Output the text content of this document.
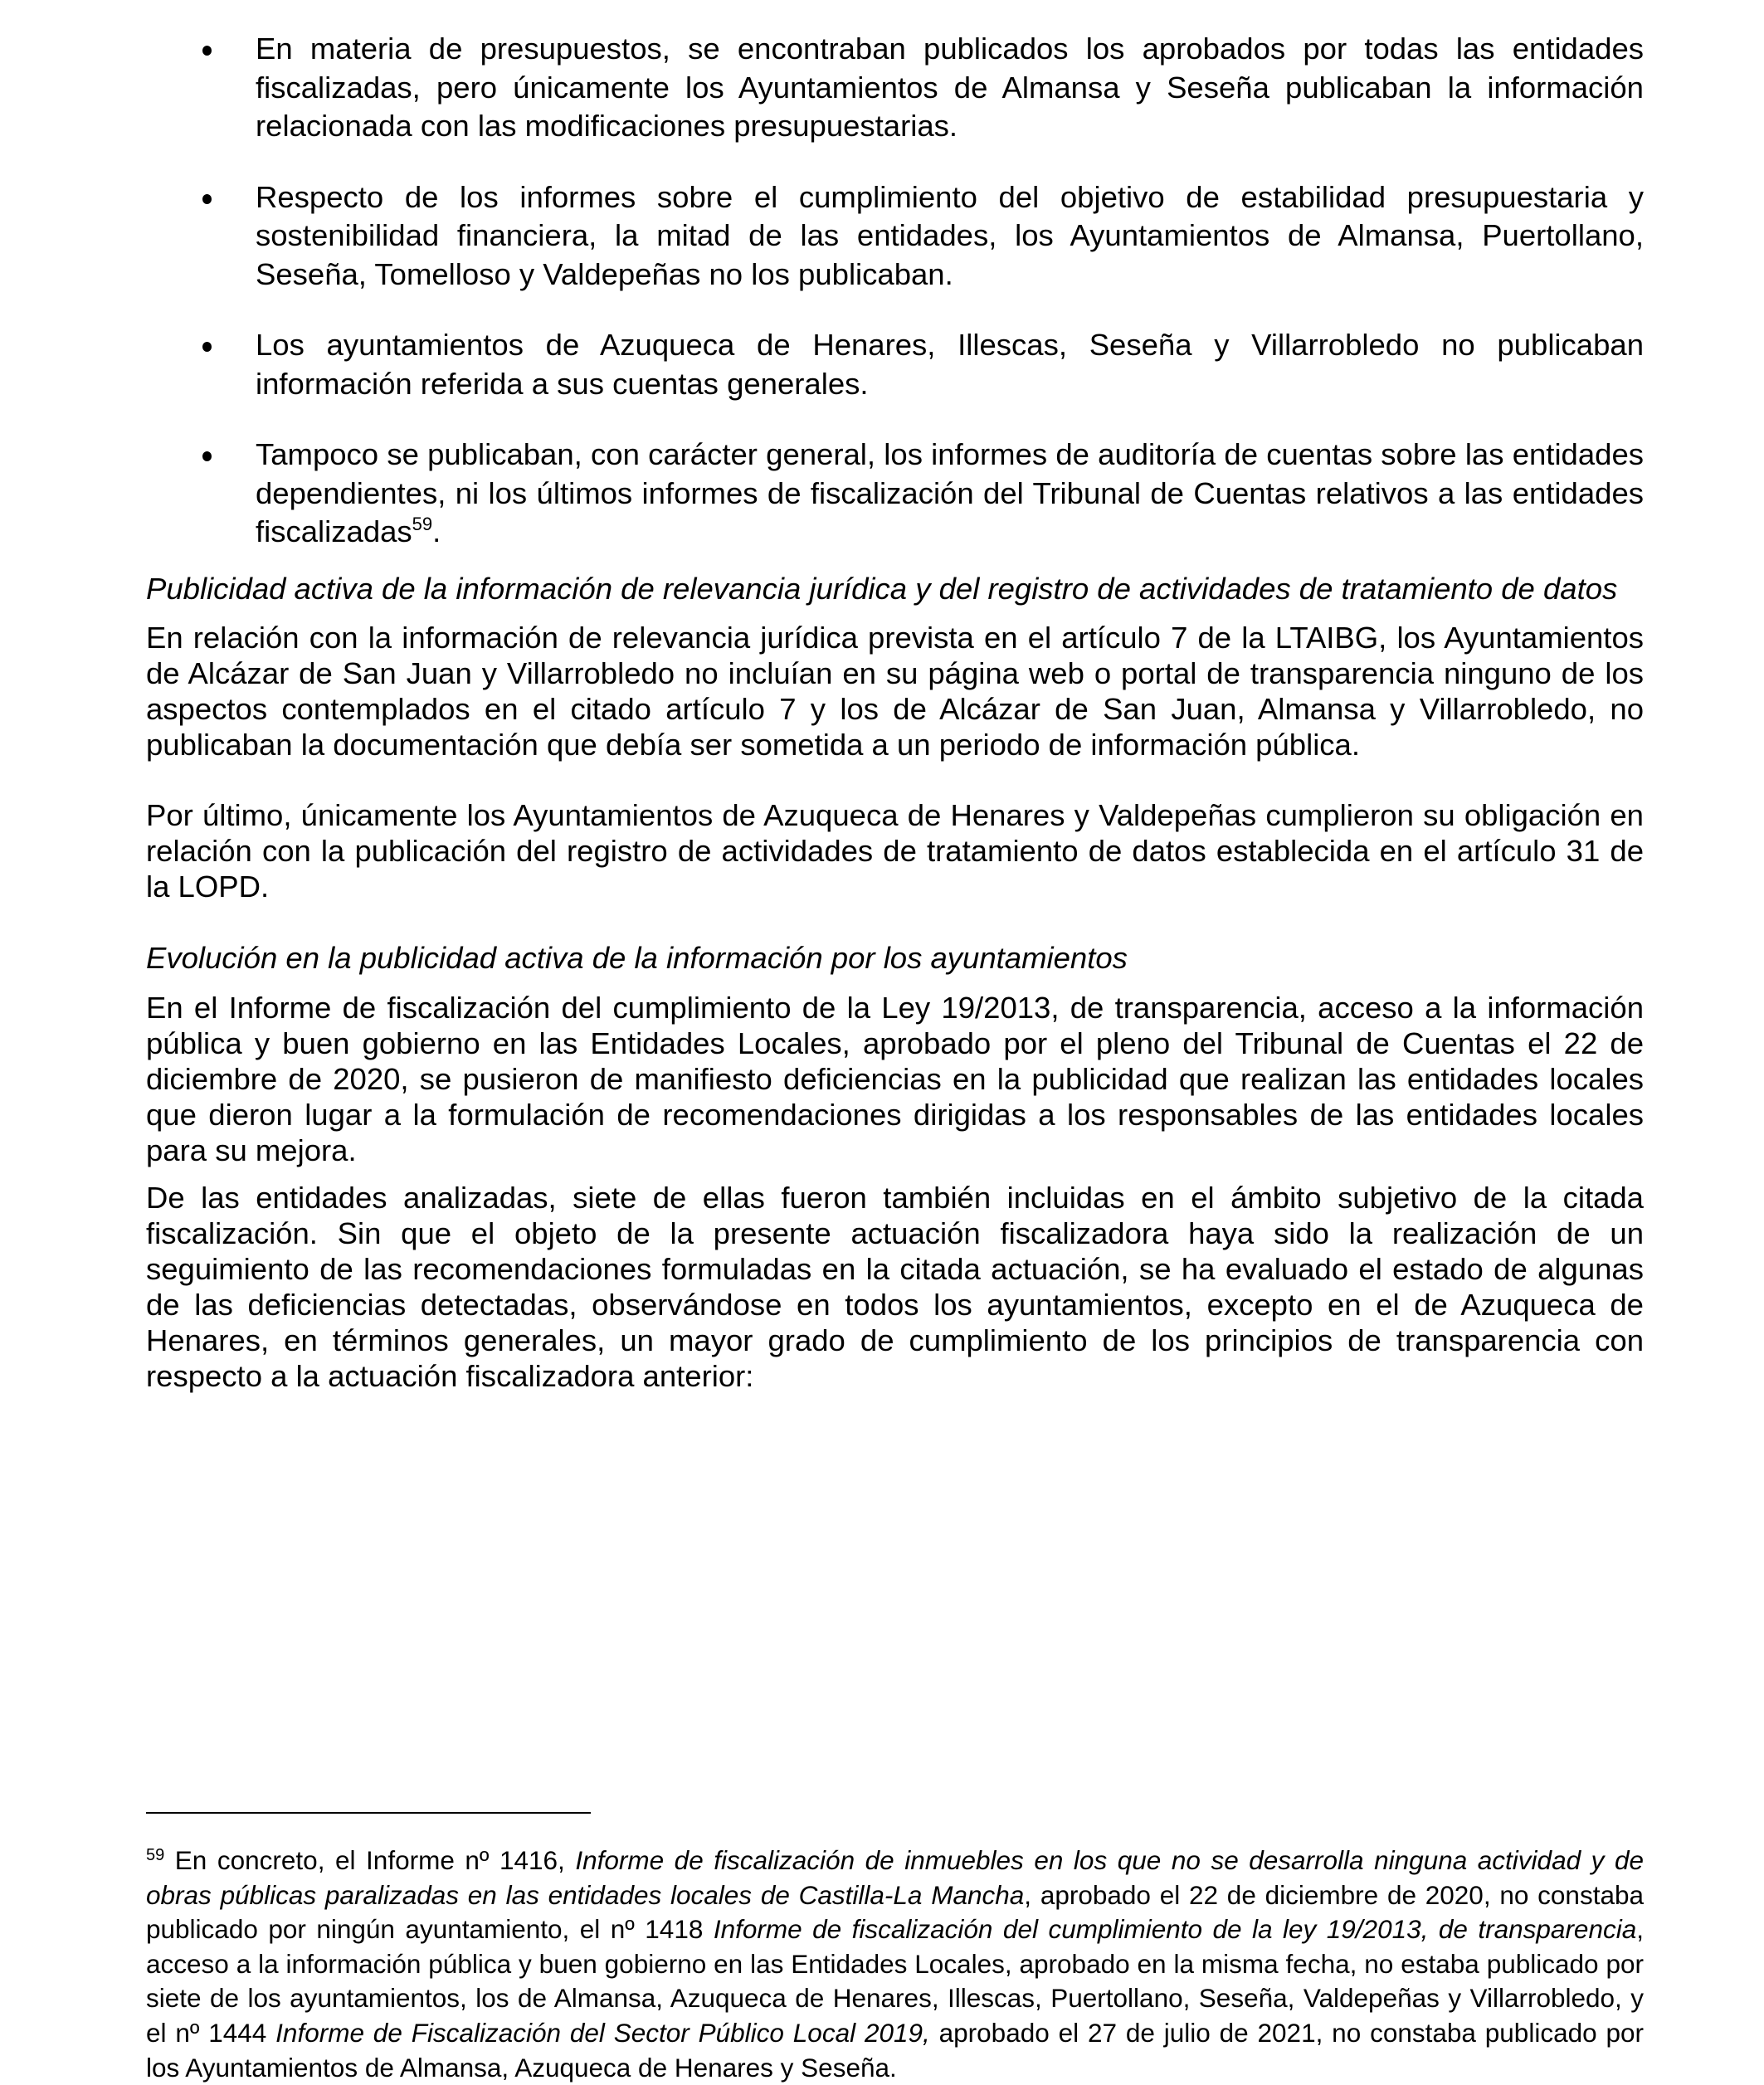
En materia de presupuestos, se encontraban publicados los aprobados por todas las entidades fiscalizadas, pero únicamente los Ayuntamientos de Almansa y Seseña publicaban la información relacionada con las modificaciones presupuestarias.
Respecto de los informes sobre el cumplimiento del objetivo de estabilidad presupuestaria y sostenibilidad financiera, la mitad de las entidades, los Ayuntamientos de Almansa, Puertollano, Seseña, Tomelloso y Valdepeñas no los publicaban.
Los ayuntamientos de Azuqueca de Henares, Illescas, Seseña y Villarrobledo no publicaban información referida a sus cuentas generales.
Tampoco se publicaban, con carácter general, los informes de auditoría de cuentas sobre las entidades dependientes, ni los últimos informes de fiscalización del Tribunal de Cuentas relativos a las entidades fiscalizadas$^{59}$.

Publicidad activa de la información de relevancia jurídica y del registro de actividades de tratamiento de datos

En relación con la información de relevancia jurídica prevista en el artículo 7 de la LTAIBG, los Ayuntamientos de Alcázar de San Juan y Villarrobledo no incluían en su página web o portal de transparencia ninguno de los aspectos contemplados en el citado artículo 7 y los de Alcázar de San Juan, Almansa y Villarrobledo, no publicaban la documentación que debía ser sometida a un periodo de información pública.

Por último, únicamente los Ayuntamientos de Azuqueca de Henares y Valdepeñas cumplieron su obligación en relación con la publicación del registro de actividades de tratamiento de datos establecida en el artículo 31 de la LOPD.

Evolución en la publicidad activa de la información por los ayuntamientos

En el Informe de fiscalización del cumplimiento de la Ley 19/2013, de transparencia, acceso a la información pública y buen gobierno en las Entidades Locales, aprobado por el pleno del Tribunal de Cuentas el 22 de diciembre de 2020, se pusieron de manifiesto deficiencias en la publicidad que realizan las entidades locales que dieron lugar a la formulación de recomendaciones dirigidas a los responsables de las entidades locales para su mejora.

De las entidades analizadas, siete de ellas fueron también incluidas en el ámbito subjetivo de la citada fiscalización. Sin que el objeto de la presente actuación fiscalizadora haya sido la realización de un seguimiento de las recomendaciones formuladas en la citada actuación, se ha evaluado el estado de algunas de las deficiencias detectadas, observándose en todos los ayuntamientos, excepto en el de Azuqueca de Henares, en términos generales, un mayor grado de cumplimiento de los principios de transparencia con respecto a la actuación fiscalizadora anterior:

$^{59}$ En concreto, el Informe nº 1416, Informe de fiscalización de inmuebles en los que no se desarrolla ninguna actividad y de obras públicas paralizadas en las entidades locales de Castilla-La Mancha, aprobado el 22 de diciembre de 2020, no constaba publicado por ningún ayuntamiento, el nº 1418 Informe de fiscalización del cumplimiento de la ley 19/2013, de transparencia, acceso a la información pública y buen gobierno en las Entidades Locales, aprobado en la misma fecha, no estaba publicado por siete de los ayuntamientos, los de Almansa, Azuqueca de Henares, Illescas, Puertollano, Seseña, Valdepeñas y Villarrobledo, y el nº 1444 Informe de Fiscalización del Sector Público Local 2019, aprobado el 27 de julio de 2021, no constaba publicado por los Ayuntamientos de Almansa, Azuqueca de Henares y Seseña.
